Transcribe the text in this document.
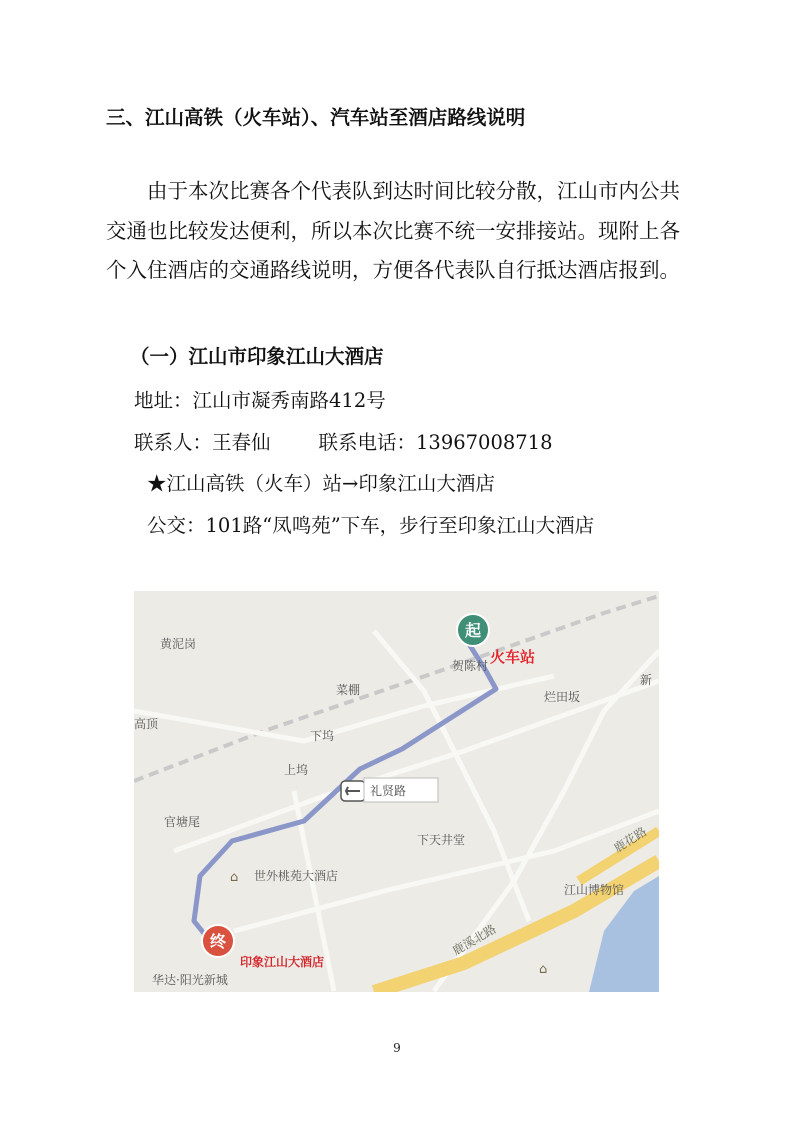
三、江山高铁（火车站）、汽车站至酒店路线说明

由于本次比赛各个代表队到达时间比较分散，江山市内公共交通也比较发达便利，所以本次比赛不统一安排接站。现附上各个入住酒店的交通路线说明，方便各代表队自行抵达酒店报到。

（一）江山市印象江山大酒店
地址：江山市凝秀南路412号
联系人：王春仙 联系电话：13967008718
★江山高铁（火车）站→印象江山大酒店
公交：101路“凤鸣苑”下车，步行至印象江山大酒店
起
终
⌂
⌂
火车站
贺陈村
黄泥岗
菜棚
高顶
下坞
上坞
烂田坂
新
礼贤路
官塘尾
下天井堂
世外桃苑大酒店
江山博物馆
印象江山大酒店
华达·阳光新城
鹿溪北路
鹿花路
9
